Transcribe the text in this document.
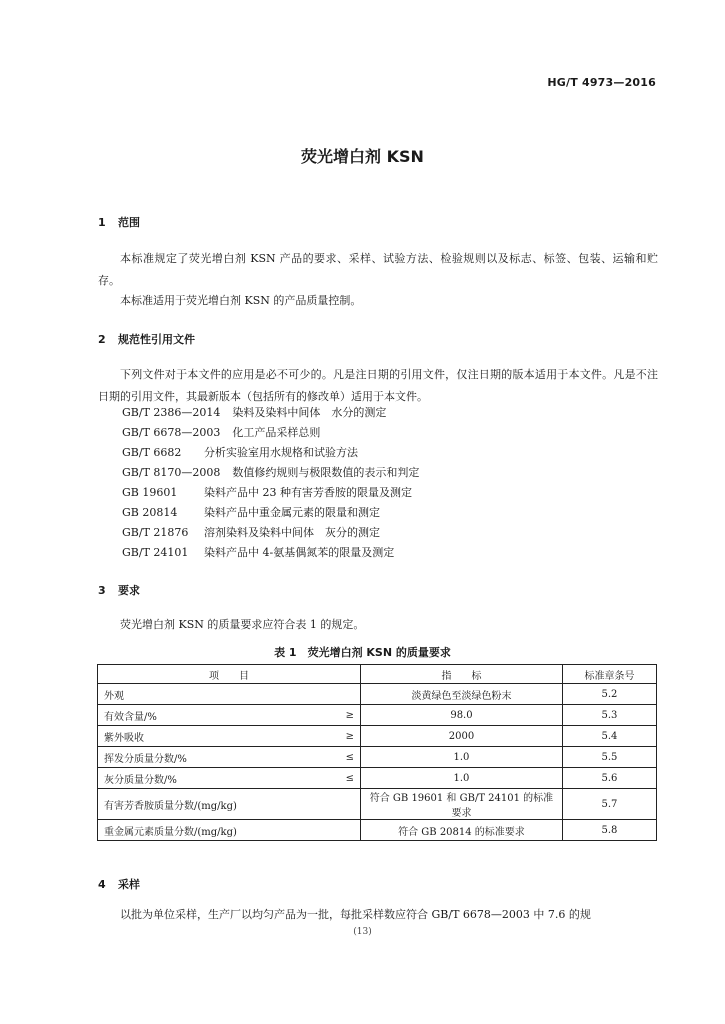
HG/T 4973—2016
荧光增白剂 KSN
1 范围
本标准规定了荧光增白剂 KSN 产品的要求、采样、试验方法、检验规则以及标志、标签、包装、运输和贮存。
本标准适用于荧光增白剂 KSN 的产品质量控制。
2 规范性引用文件
下列文件对于本文件的应用是必不可少的。凡是注日期的引用文件，仅注日期的版本适用于本文件。凡是不注日期的引用文件，其最新版本（包括所有的修改单）适用于本文件。
GB/T 2386—2014 染料及染料中间体　水分的测定
GB/T 6678—2003 化工产品采样总则
GB/T 6682 分析实验室用水规格和试验方法
GB/T 8170—2008 数值修约规则与极限数值的表示和判定
GB 19601 染料产品中 23 种有害芳香胺的限量及测定
GB 20814 染料产品中重金属元素的限量和测定
GB/T 21876 溶剂染料及染料中间体　灰分的测定
GB/T 24101 染料产品中 4-氨基偶氮苯的限量及测定
3 要求
荧光增白剂 KSN 的质量要求应符合表 1 的规定。
表 1　荧光增白剂 KSN 的质量要求
项　　目		指　　标	标准章条号
外观		淡黄绿色至淡绿色粉末	5.2
有效含量/%	≥	98.0	5.3
紫外吸收	≥	2000	5.4
挥发分质量分数/%	≤	1.0	5.5
灰分质量分数/%	≤	1.0	5.6
有害芳香胺质量分数/(mg/kg)		符合 GB 19601 和 GB/T 24101 的标准要求	5.7
重金属元素质量分数/(mg/kg)		符合 GB 20814 的标准要求	5.8
4 采样
以批为单位采样，生产厂以均匀产品为一批，每批采样数应符合 GB/T 6678—2003 中 7.6 的规
(13)
